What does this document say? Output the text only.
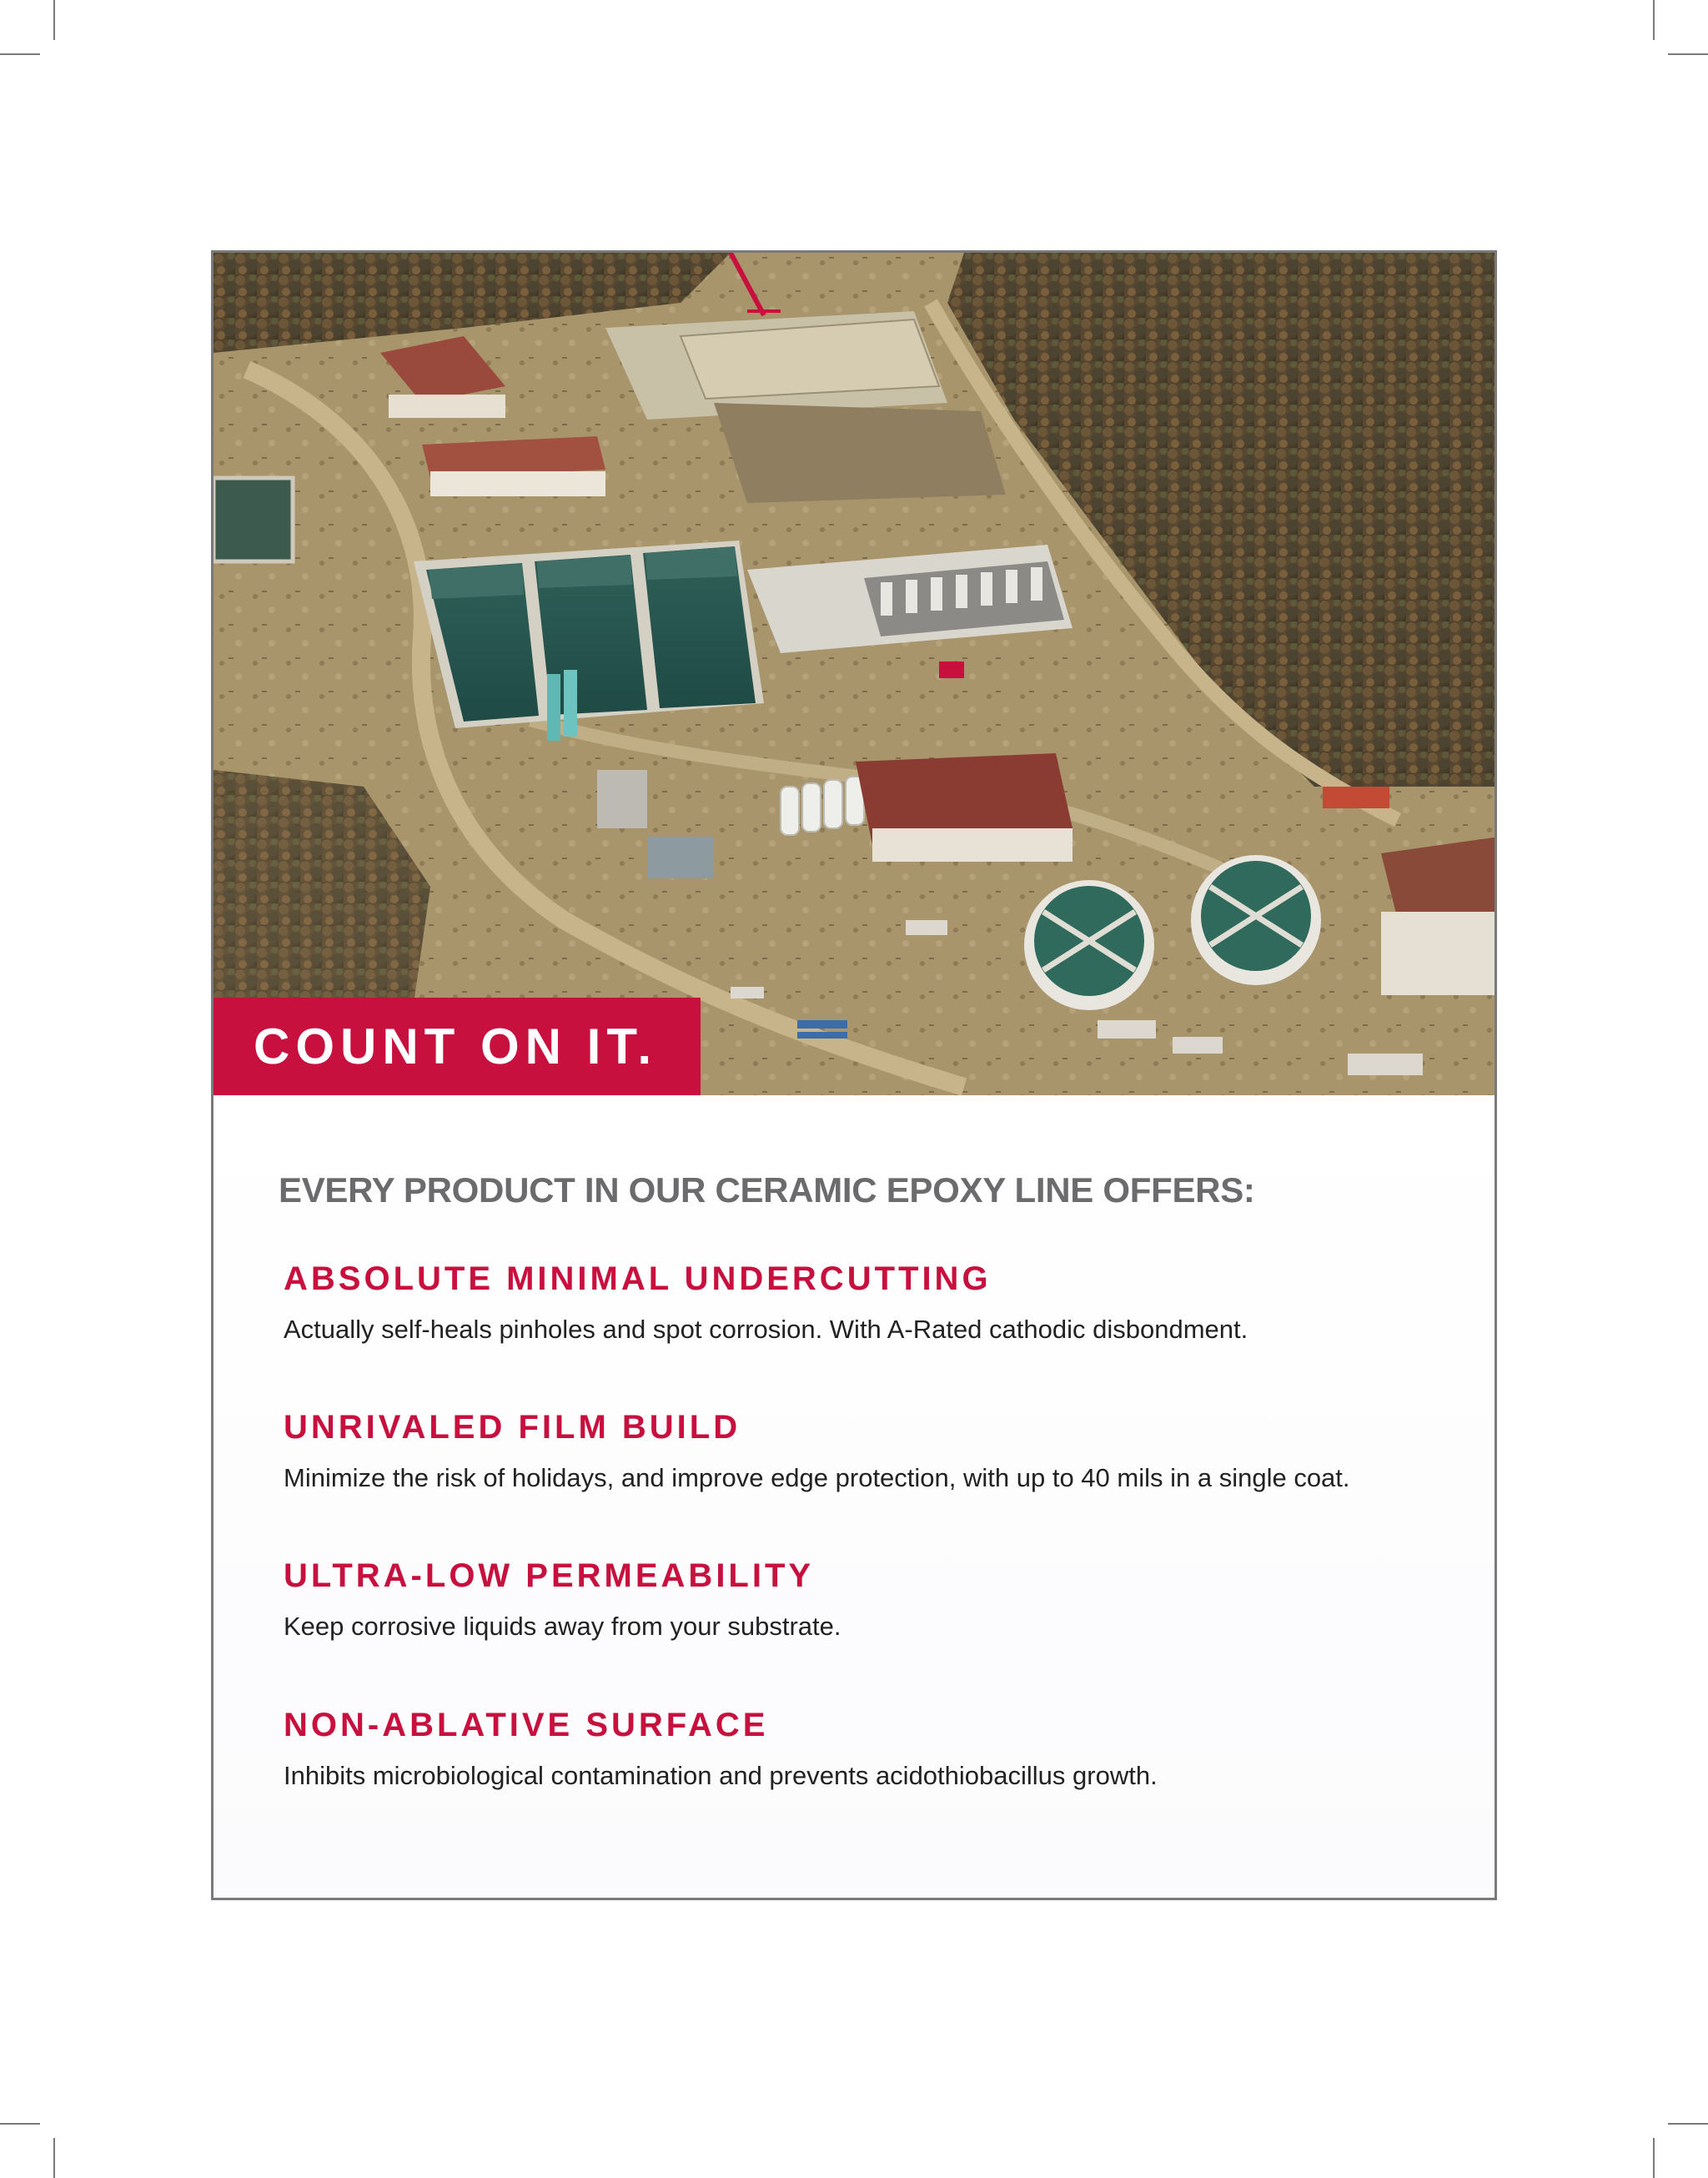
COUNT ON IT.
EVERY PRODUCT IN OUR CERAMIC EPOXY LINE OFFERS:
ABSOLUTE MINIMAL UNDERCUTTING
Actually self-heals pinholes and spot corrosion. With A-Rated cathodic disbondment.
UNRIVALED FILM BUILD
Minimize the risk of holidays, and improve edge protection, with up to 40 mils in a single coat.
ULTRA-LOW PERMEABILITY
Keep corrosive liquids away from your substrate.
NON-ABLATIVE SURFACE
Inhibits microbiological contamination and prevents acidothiobacillus growth.
